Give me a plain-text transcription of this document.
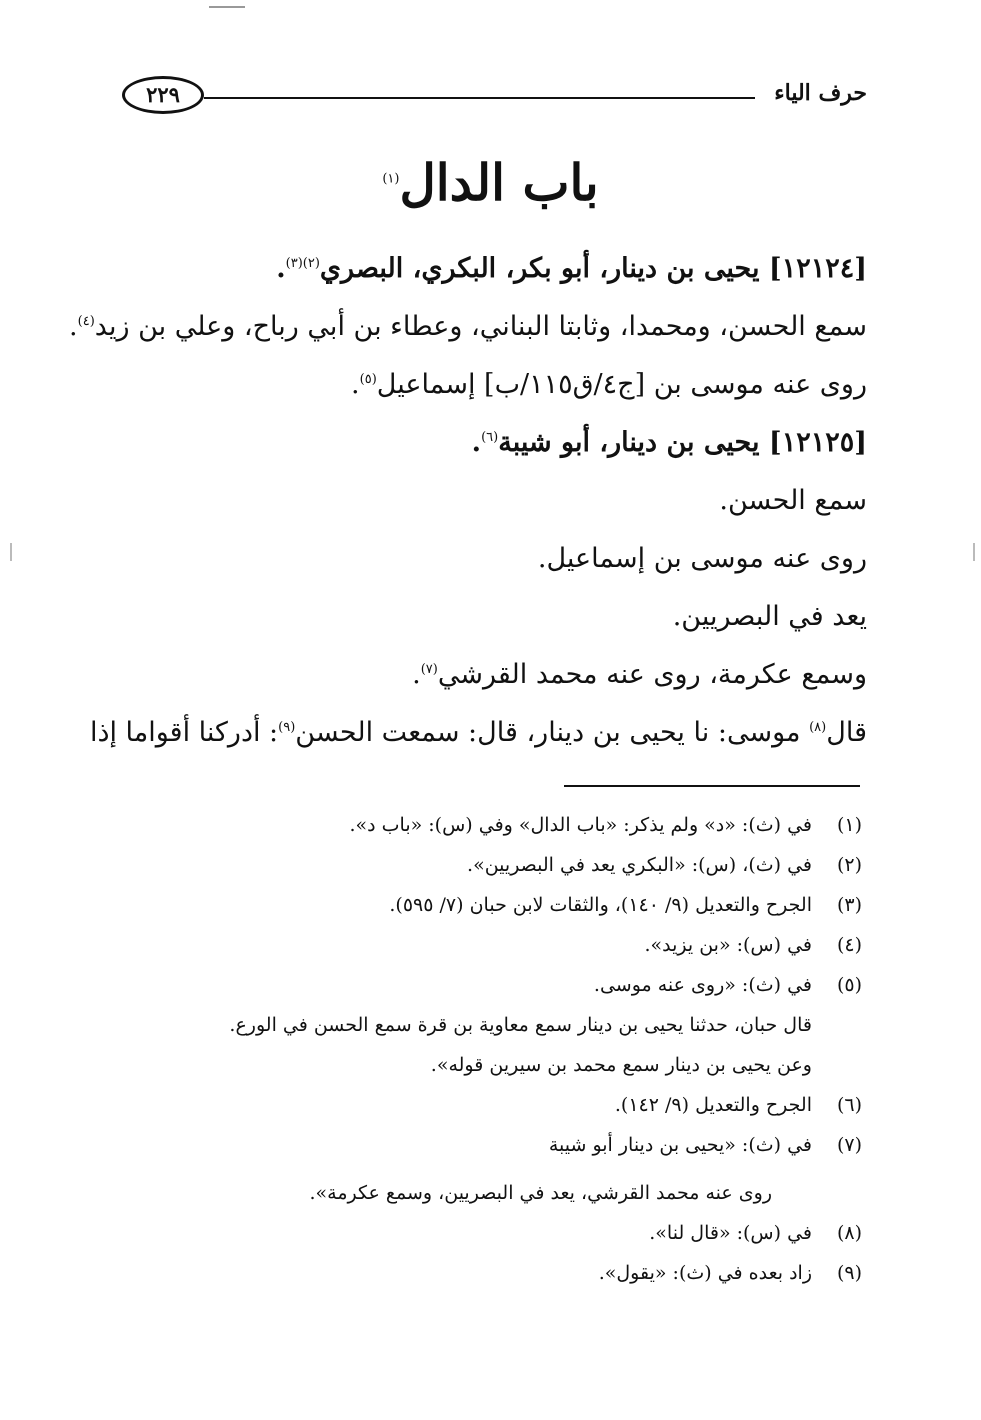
حرف الياء
٢٢٩
باب الدال$^{(١)}$
[١٢١٢٤] يحيى بن دينار، أبو بكر، البكري، البصري$^{(٢)(٣)}$.
سمع الحسن، ومحمدا، وثابتا البناني، وعطاء بن أبي رباح، وعلي بن زيد$^{(٤)}$.
روى عنه موسى بن [ج٤/ق١١٥/ب] إسماعيل$^{(٥)}$.
[١٢١٢٥] يحيى بن دينار، أبو شيبة$^{(٦)}$.
سمع الحسن.
روى عنه موسى بن إسماعيل.
يعد في البصريين.
وسمع عكرمة، روى عنه محمد القرشي$^{(٧)}$.
قال$^{(٨)}$ موسى: نا يحيى بن دينار، قال: سمعت الحسن$^{(٩)}$: أدركنا أقواما إذا
(١)
في (ث): «د» ولم يذكر: «باب الدال» وفي (س): «باب د».
(٢)
في (ث)، (س): «البكري يعد في البصريين».
(٣)
الجرح والتعديل (٩/ ١٤٠)، والثقات لابن حبان (٧/ ٥٩٥).
(٤)
في (س): «بن يزيد».
(٥)
في (ث): «روى عنه موسى.
قال حبان، حدثنا يحيى بن دينار سمع معاوية بن قرة سمع الحسن في الورع.
وعن يحيى بن دينار سمع محمد بن سيرين قوله».
(٦)
الجرح والتعديل (٩/ ١٤٢).
(٧)
في (ث): «يحيى بن دينار أبو شيبة
روى عنه محمد القرشي، يعد في البصريين، وسمع عكرمة».
(٨)
في (س): «قال لنا».
(٩)
زاد بعده في (ث): «يقول».
